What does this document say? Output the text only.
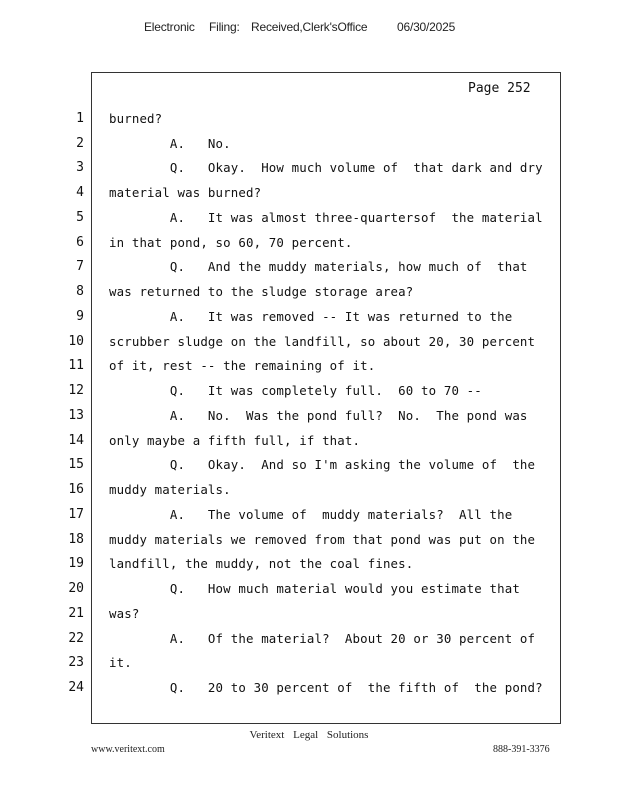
Electronic Filing: Received,Clerk'sOffice 06/30/2025
Page 252
1 burned?
2 A.   No.
3 Q.   Okay.  How much volume of  that dark and dry
4 material was burned?
5 A.   It was almost three-quartersof  the material
6 in that pond, so 60, 70 percent.
7 Q.   And the muddy materials, how much of  that
8 was returned to the sludge storage area?
9 A.   It was removed -- It was returned to the
10 scrubber sludge on the landfill, so about 20, 30 percent
11 of it, rest -- the remaining of it.
12 Q.   It was completely full.  60 to 70 --
13 A.   No.  Was the pond full?  No.  The pond was
14 only maybe a fifth full, if that.
15 Q.   Okay.  And so I'm asking the volume of  the
16 muddy materials.
17 A.   The volume of  muddy materials?  All the
18 muddy materials we removed from that pond was put on the
19 landfill, the muddy, not the coal fines.
20 Q.   How much material would you estimate that
21 was?
22 A.   Of the material?  About 20 or 30 percent of
23 it.
24 Q.   20 to 30 percent of  the fifth of  the pond?
Veritext Legal Solutions
www.veritext.com	888-391-3376
